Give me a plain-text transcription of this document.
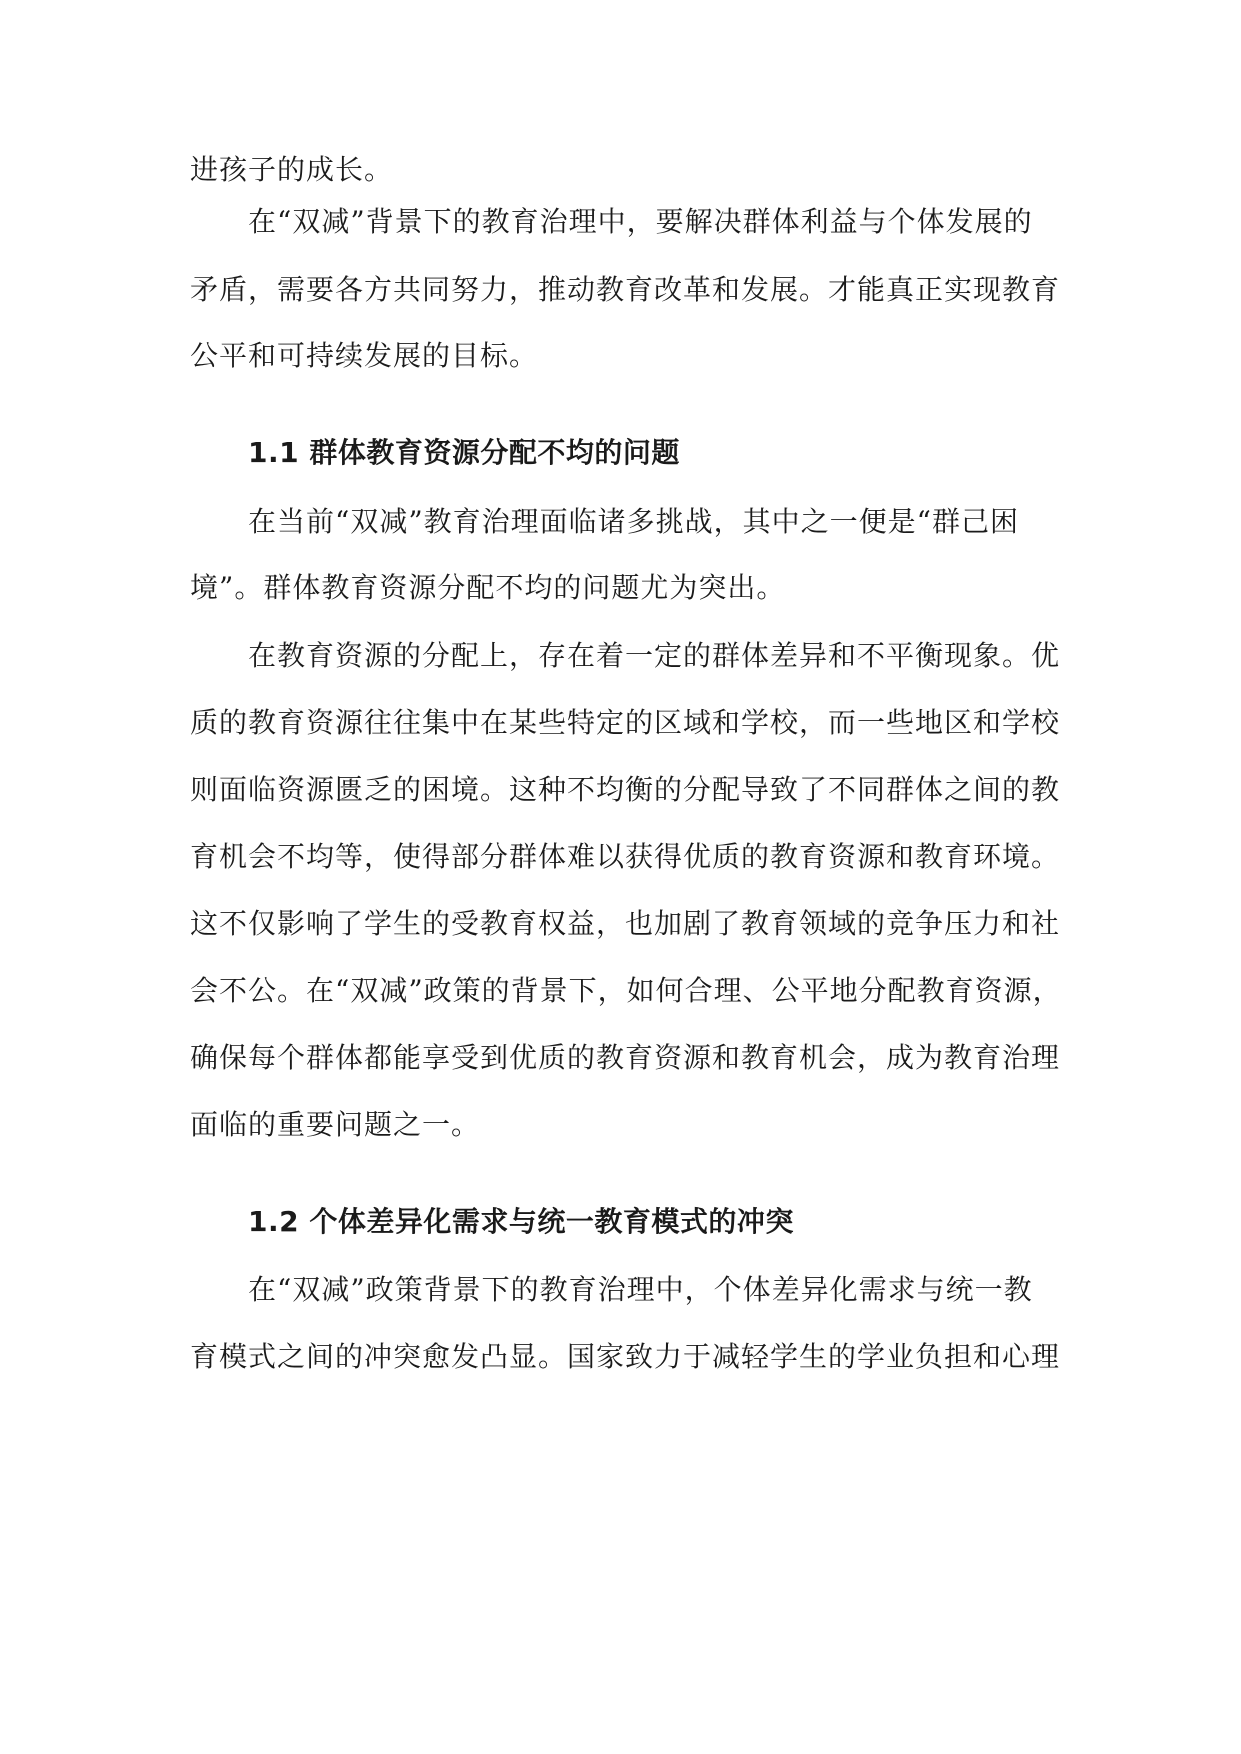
进孩子的成长。
在“双减”背景下的教育治理中，要解决群体利益与个体发展的
矛盾，需要各方共同努力，推动教育改革和发展。才能真正实现教育
公平和可持续发展的目标。
1.1 群体教育资源分配不均的问题
在当前“双减”教育治理面临诸多挑战，其中之一便是“群己困
境”。群体教育资源分配不均的问题尤为突出。
在教育资源的分配上，存在着一定的群体差异和不平衡现象。优
质的教育资源往往集中在某些特定的区域和学校，而一些地区和学校
则面临资源匮乏的困境。这种不均衡的分配导致了不同群体之间的教
育机会不均等，使得部分群体难以获得优质的教育资源和教育环境。
这不仅影响了学生的受教育权益，也加剧了教育领域的竞争压力和社
会不公。在“双减”政策的背景下，如何合理、公平地分配教育资源，
确保每个群体都能享受到优质的教育资源和教育机会，成为教育治理
面临的重要问题之一。
1.2 个体差异化需求与统一教育模式的冲突
在“双减”政策背景下的教育治理中，个体差异化需求与统一教
育模式之间的冲突愈发凸显。国家致力于减轻学生的学业负担和心理
